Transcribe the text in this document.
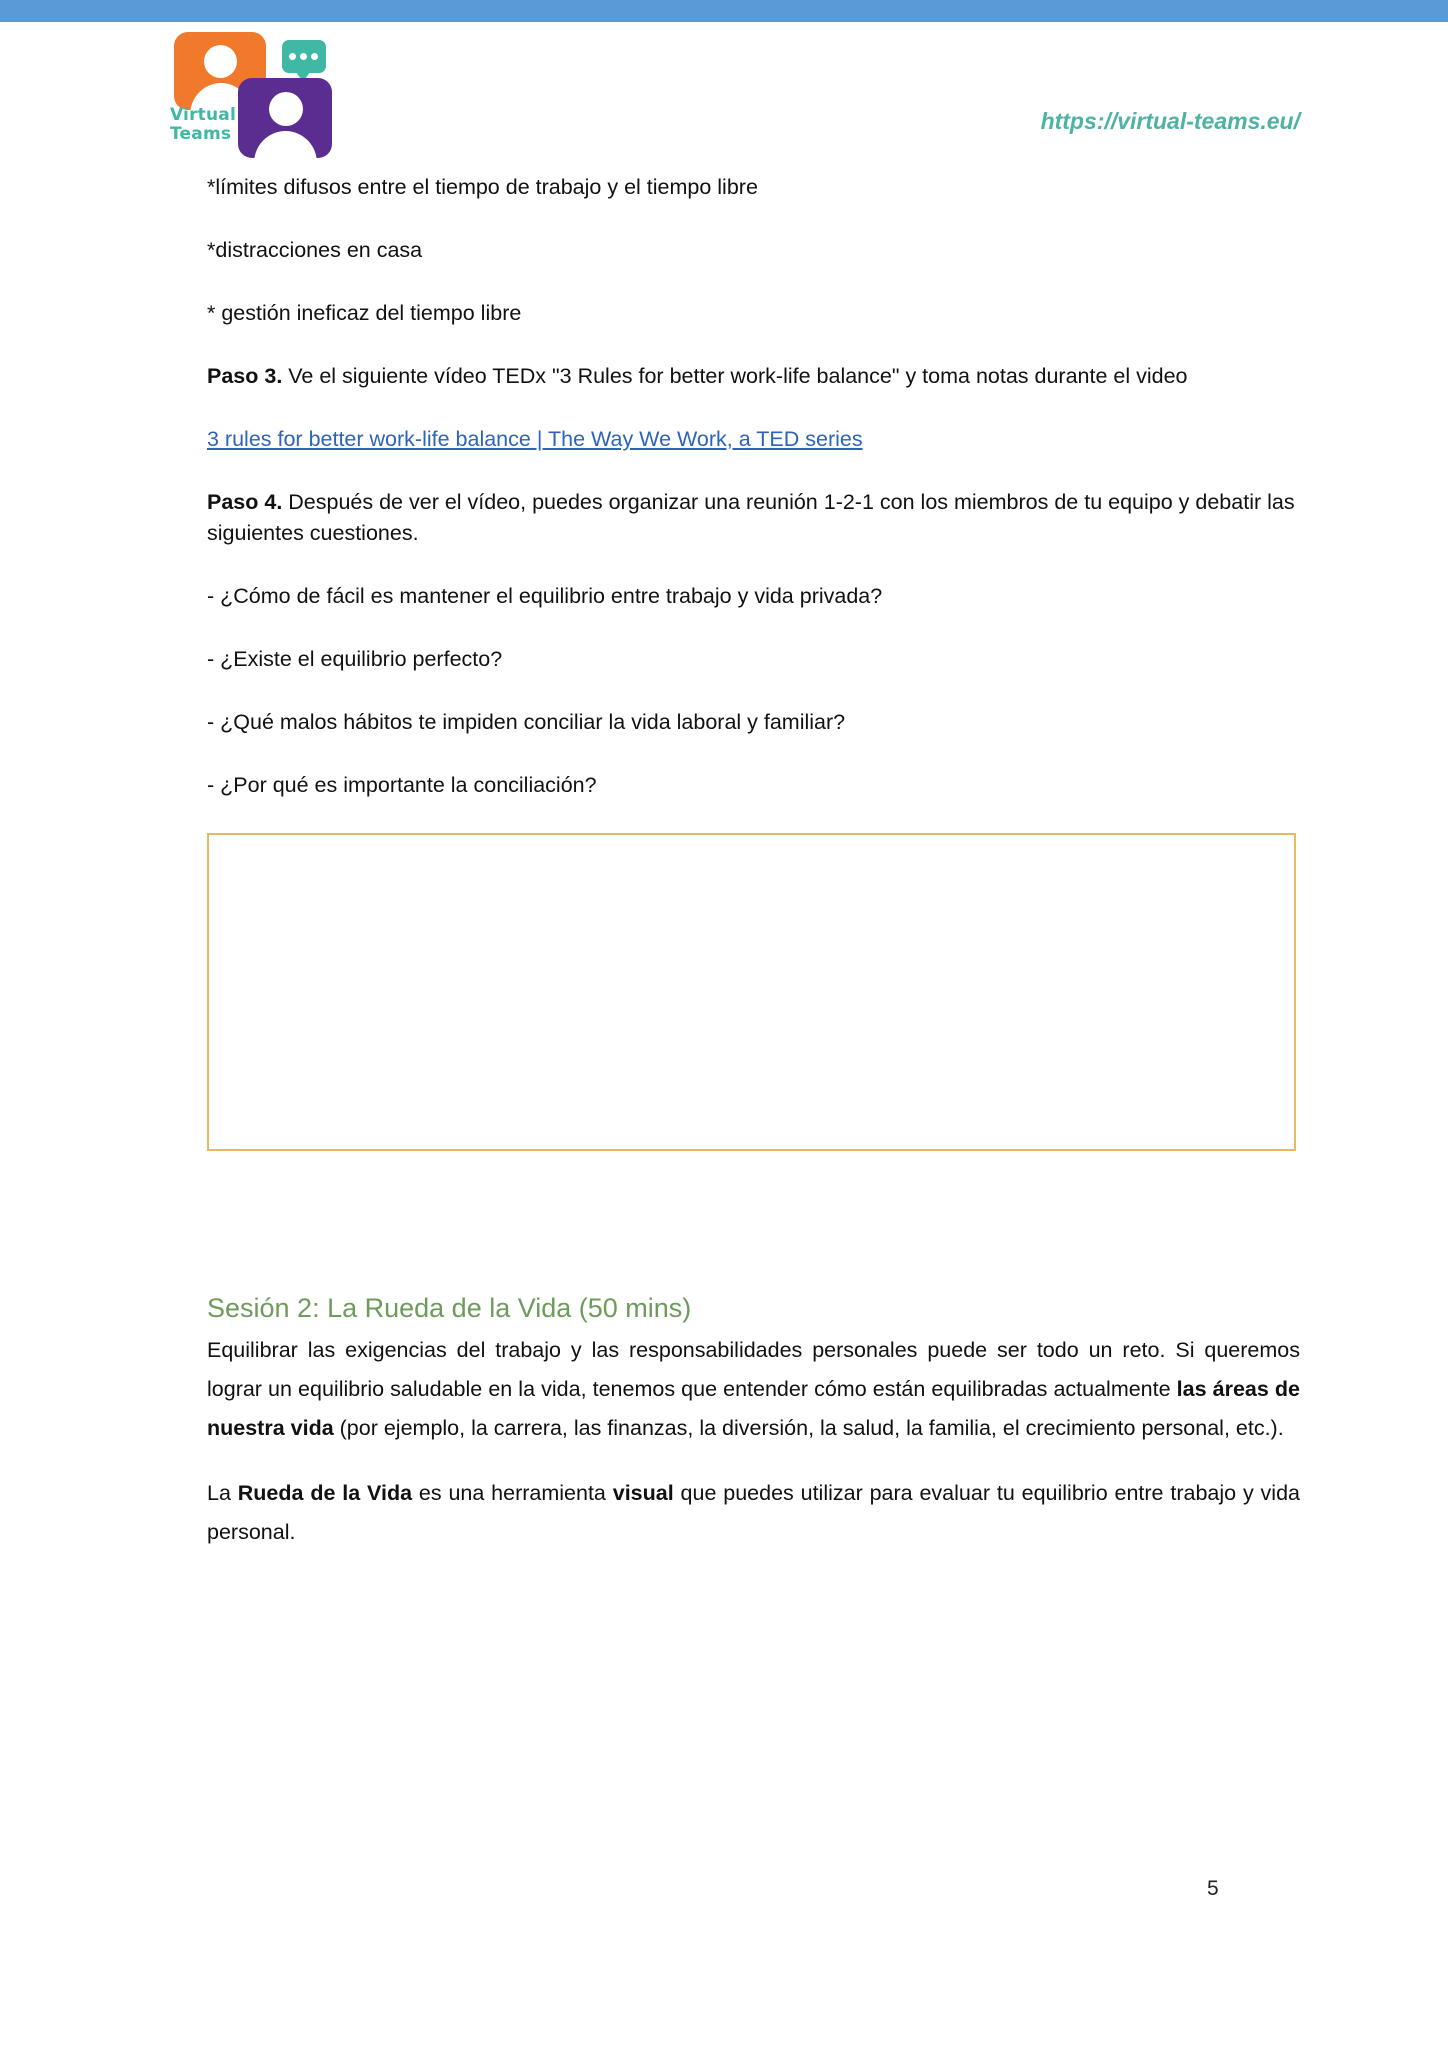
Virtual
Teams	https://virtual-teams.eu/

*límites difusos entre el tiempo de trabajo y el tiempo libre

*distracciones en casa

* gestión ineficaz del tiempo libre

Paso 3. Ve el siguiente vídeo TEDx "3 Rules for better work-life balance" y toma notas durante el video

3 rules for better work-life balance | The Way We Work, a TED series

Paso 4. Después de ver el vídeo, puedes organizar una reunión 1-2-1 con los miembros de tu equipo y debatir las siguientes cuestiones.

- ¿Cómo de fácil es mantener el equilibrio entre trabajo y vida privada?

- ¿Existe el equilibrio perfecto?

- ¿Qué malos hábitos te impiden conciliar la vida laboral y familiar?

- ¿Por qué es importante la conciliación?

Sesión 2: La Rueda de la Vida (50 mins)

Equilibrar las exigencias del trabajo y las responsabilidades personales puede ser todo un reto. Si queremos lograr un equilibrio saludable en la vida, tenemos que entender cómo están equilibradas actualmente las áreas de nuestra vida (por ejemplo, la carrera, las finanzas, la diversión, la salud, la familia, el crecimiento personal, etc.).

La Rueda de la Vida es una herramienta visual que puedes utilizar para evaluar tu equilibrio entre trabajo y vida personal.

5
